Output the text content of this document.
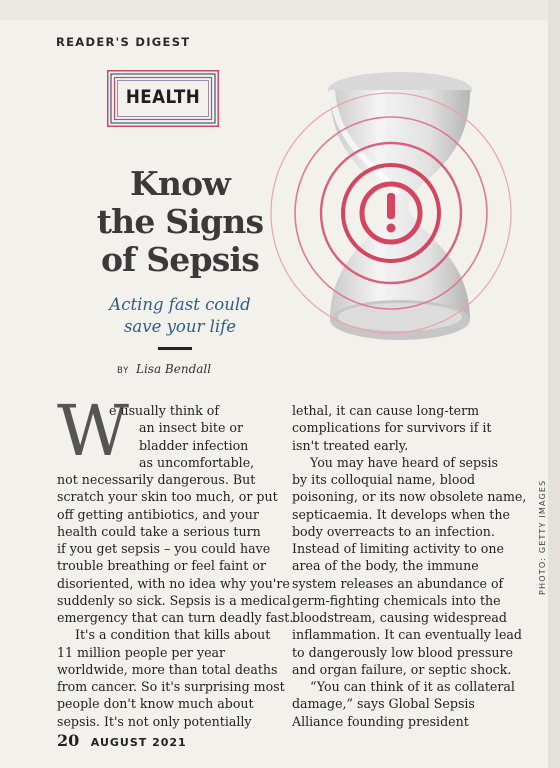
READER'S DIGEST
HEALTH
Know
the Signs
of Sepsis
Acting fast could
save your life
BY Lisa Bendall
W
e usually think of
an insect bite or
bladder infection
as uncomfortable,
not necessarily dangerous. But
scratch your skin too much, or put
off getting antibiotics, and your
health could take a serious turn
if you get sepsis – you could have
trouble breathing or feel faint or
disoriented, with no idea why you're
suddenly so sick. Sepsis is a medical
emergency that can turn deadly fast.
It's a condition that kills about
11 million people per year
worldwide, more than total deaths
from cancer. So it's surprising most
people don't know much about
sepsis. It's not only potentially
lethal, it can cause long-term
complications for survivors if it
isn't treated early.
You may have heard of sepsis
by its colloquial name, blood
poisoning, or its now obsolete name,
septicaemia. It develops when the
body overreacts to an infection.
Instead of limiting activity to one
area of the body, the immune
system releases an abundance of
germ-fighting chemicals into the
bloodstream, causing widespread
inflammation. It can eventually lead
to dangerously low blood pressure
and organ failure, or septic shock.
“You can think of it as collateral
damage,” says Global Sepsis
Alliance founding president
20 AUGUST 2021
PHOTO: GETTY IMAGES
